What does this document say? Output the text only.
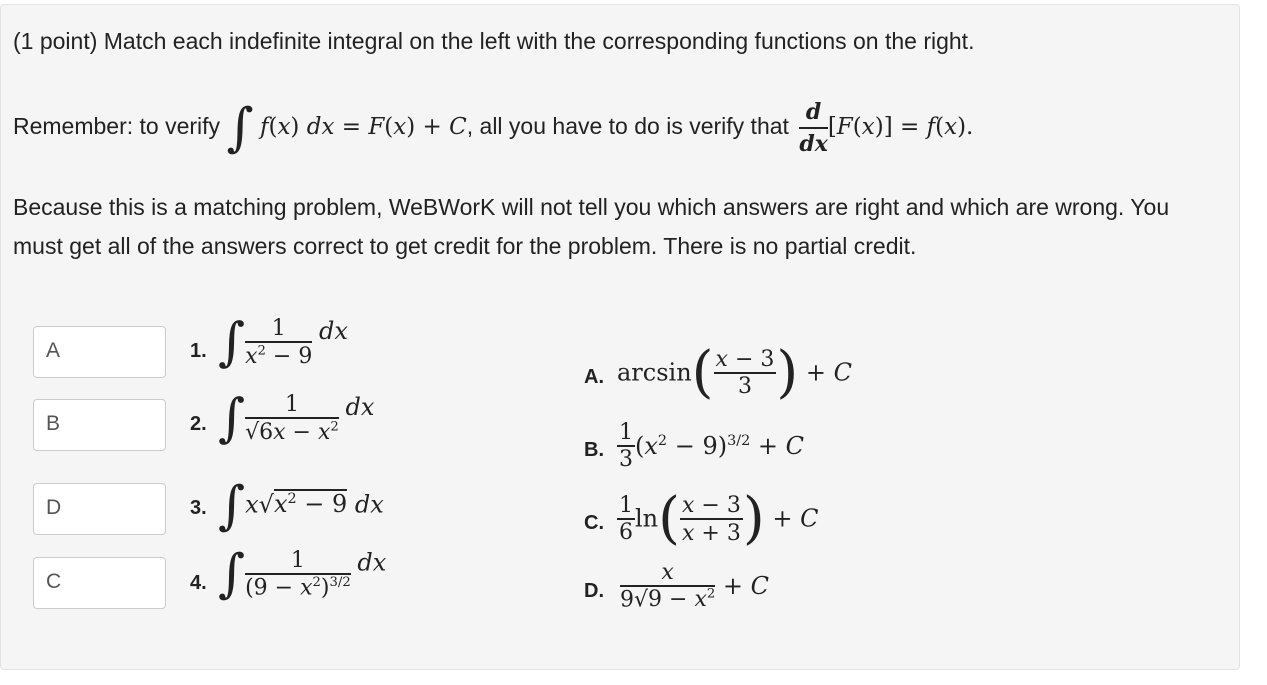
(1 point) Match each indefinite integral on the left with the corresponding functions on the right.
Remember: to verify ∫ f(x) dx = F(x) + C, all you have to do is verify that $\frac{d}{dx} [F(x)] = f(x)$.
Because this is a matching problem, WeBWorK will not tell you which answers are right and which are wrong. You must get all of the answers correct to get credit for the problem. There is no partial credit.
A
B
D
C
1.
2.
3.
4.
∫ $\frac{1}{x^2 - 9}$ dx
∫ $\frac{1}{√6x - x^2}$ dx
$\int x√x^2 - 9$ dx
∫ $\frac{1}{(9 - x^2)^{3/2}}$ dx
A.
B.
C.
D.
$\arcsin( \frac{x - 3}{3}$ ) + C
$\frac{1}{3} (x^2 - 9)^{3/2} + C$
$\frac{1}{6} \ln( \frac{x - 3}{x + 3}$ ) + C
$\frac{x}{9√9 - x^2} + C$
